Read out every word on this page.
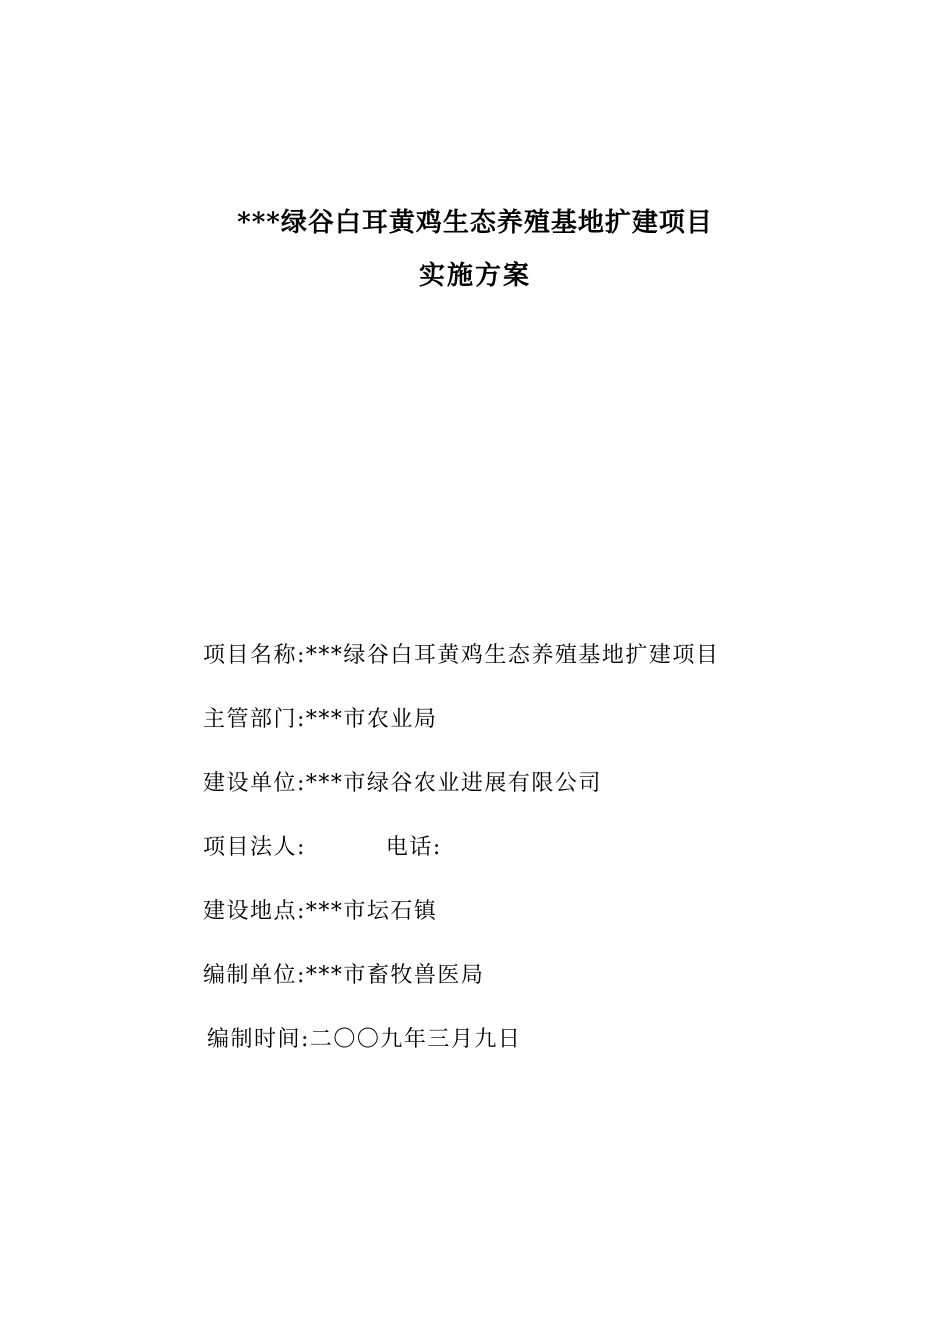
***绿谷白耳黄鸡生态养殖基地扩建项目
实施方案
项目名称:***绿谷白耳黄鸡生态养殖基地扩建项目
主管部门:***市农业局
建设单位:***市绿谷农业进展有限公司
项目法人:	电话:
建设地点:***市坛石镇
编制单位:***市畜牧兽医局
编制时间:二〇〇九年三月九日
